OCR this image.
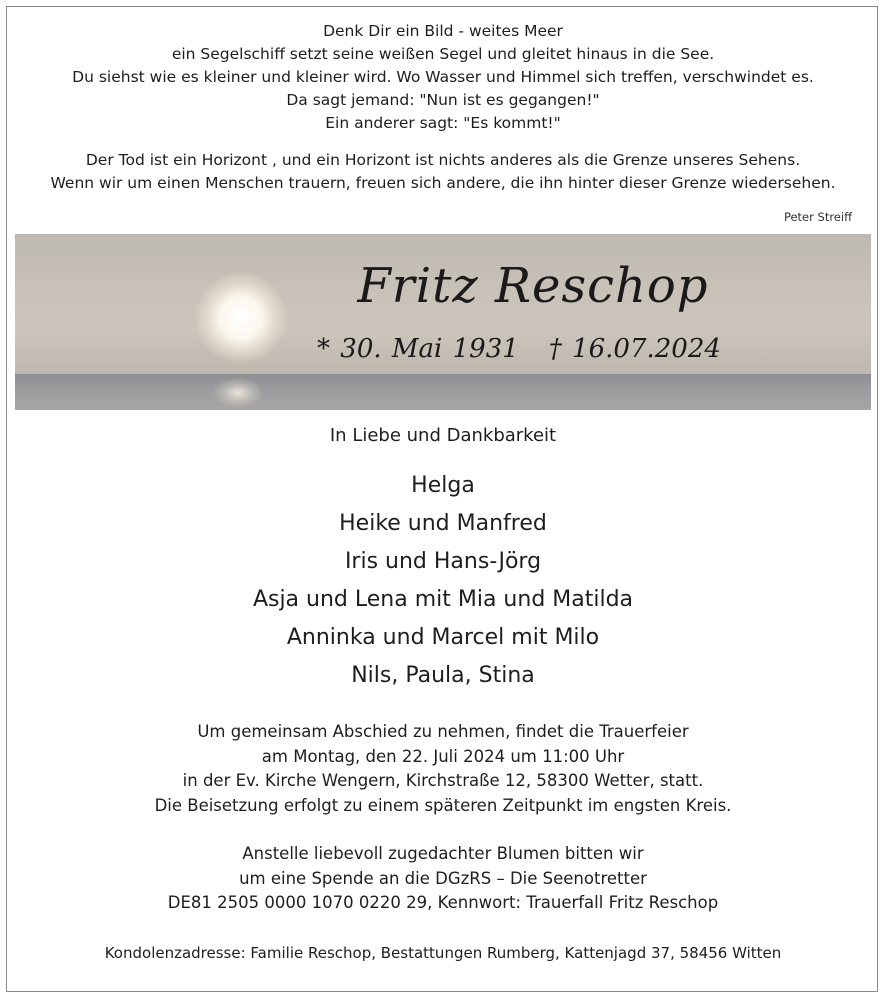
Denk Dir ein Bild - weites Meer
ein Segelschiff setzt seine weißen Segel und gleitet hinaus in die See.
Du siehst wie es kleiner und kleiner wird. Wo Wasser und Himmel sich treffen, verschwindet es.
Da sagt jemand: "Nun ist es gegangen!"
Ein anderer sagt: "Es kommt!"
Der Tod ist ein Horizont , und ein Horizont ist nichts anderes als die Grenze unseres Sehens.
Wenn wir um einen Menschen trauern, freuen sich andere, die ihn hinter dieser Grenze wiedersehen.
Peter Streiff
Fritz Reschop
* 30. Mai 1931 † 16.07.2024
In Liebe und Dankbarkeit
Helga
Heike und Manfred
Iris und Hans-Jörg
Asja und Lena mit Mia und Matilda
Anninka und Marcel mit Milo
Nils, Paula, Stina
Um gemeinsam Abschied zu nehmen, findet die Trauerfeier
am Montag, den 22. Juli 2024 um 11:00 Uhr
in der Ev. Kirche Wengern, Kirchstraße 12, 58300 Wetter, statt.
Die Beisetzung erfolgt zu einem späteren Zeitpunkt im engsten Kreis.
Anstelle liebevoll zugedachter Blumen bitten wir
um eine Spende an die DGzRS – Die Seenotretter
DE81 2505 0000 1070 0220 29, Kennwort: Trauerfall Fritz Reschop
Kondolenzadresse: Familie Reschop, Bestattungen Rumberg, Kattenjagd 37, 58456 Witten
